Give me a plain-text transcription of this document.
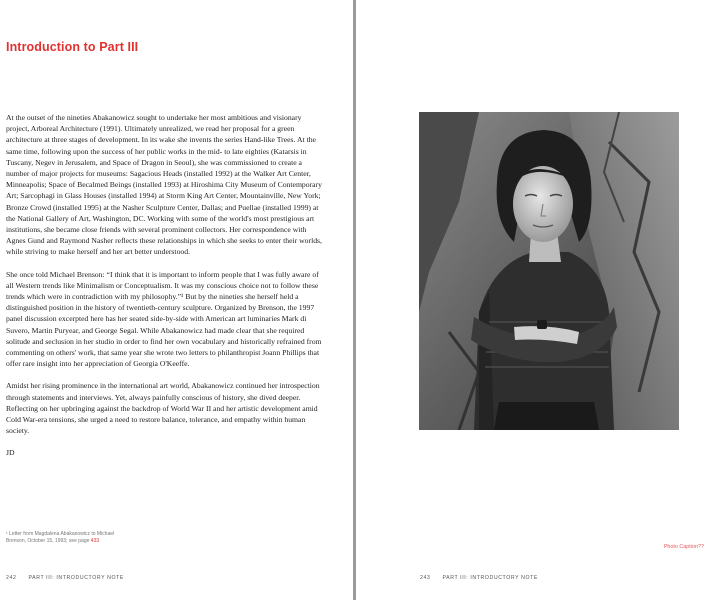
Introduction to Part III

At the outset of the nineties Abakanowicz sought to undertake her most ambitious and visionary project, Arboreal Architecture (1991). Ultimately unrealized, we read her proposal for a green architecture at three stages of development. In its wake she invents the series Hand-like Trees. At the same time, following upon the success of her public works in the mid- to late eighties (Katarsis in Tuscany, Negev in Jerusalem, and Space of Dragon in Seoul), she was commissioned to create a number of major projects for museums: Sagacious Heads (installed 1992) at the Walker Art Center, Minneapolis; Space of Becalmed Beings (installed 1993) at Hiroshima City Museum of Contemporary Art; Sarcophagi in Glass Houses (installed 1994) at Storm King Art Center, Mountainville, New York; Bronze Crowd (installed 1995) at the Nasher Sculpture Center, Dallas; and Puellae (installed 1999) at the National Gallery of Art, Washington, DC. Working with some of the world's most prestigious art institutions, she became close friends with several prominent collectors. Her correspondence with Agnes Gund and Raymond Nasher reflects these relationships in which she seeks to enter their worlds, while striving to make herself and her art better understood.

She once told Michael Brenson: “I think that it is important to inform people that I was fully aware of all Western trends like Minimalism or Conceptualism. It was my conscious choice not to follow these trends which were in contradiction with my philosophy.”¹ But by the nineties she herself held a distinguished position in the history of twentieth-century sculpture. Organized by Brenson, the 1997 panel discussion excerpted here has her seated side-by-side with American art luminaries Mark di Suvero, Martin Puryear, and George Segal. While Abakanowicz had made clear that she required solitude and seclusion in her studio in order to find her own vocabulary and historically refrained from commenting on others' work, that same year she wrote two letters to philanthropist Joann Phillips that offer rare insight into her appreciation of Georgia O'Keeffe.

Amidst her rising prominence in the international art world, Abakanowicz continued her introspection through statements and interviews. Yet, always painfully conscious of history, she dived deeper. Reflecting on her upbringing against the backdrop of World War II and her artistic development amid Cold War-era tensions, she urged a need to restore balance, tolerance, and empathy within human society.

JD

¹ Letter from Magdalena Abakanowicz to Michael Brenson, October 15, 1993; see page 433
242 PART III: INTRODUCTORY NOTE
Photo Caption??
243 PART III: INTRODUCTORY NOTE
